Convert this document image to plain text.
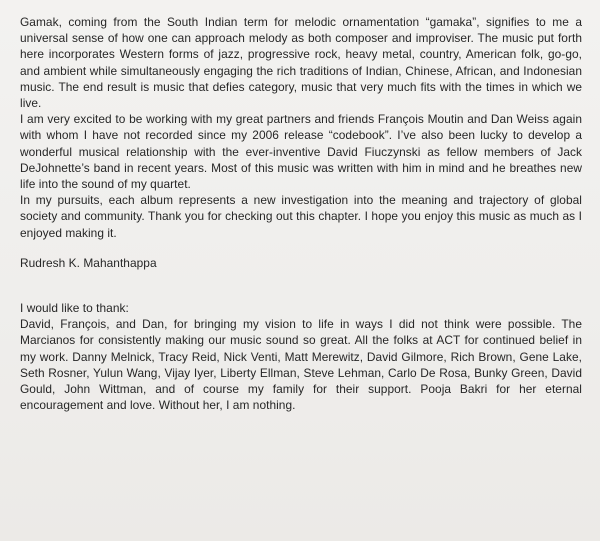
Gamak, coming from the South Indian term for melodic ornamentation “gamaka”, signifies to me a universal sense of how one can approach melody as both composer and improviser. The music put forth here incorporates Western forms of jazz, progressive rock, heavy metal, country, American folk, go-go, and ambient while simultaneously engaging the rich traditions of Indian, Chinese, African, and Indonesian music. The end result is music that defies category, music that very much fits with the times in which we live.

I am very excited to be working with my great partners and friends François Moutin and Dan Weiss again with whom I have not recorded since my 2006 release “codebook”. I’ve also been lucky to develop a wonderful musical relationship with the ever-inventive David Fiuczynski as fellow members of Jack DeJohnette’s band in recent years. Most of this music was written with him in mind and he breathes new life into the sound of my quartet.

In my pursuits, each album represents a new investigation into the meaning and trajectory of global society and community. Thank you for checking out this chapter. I hope you enjoy this music as much as I enjoyed making it.

Rudresh K. Mahanthappa

I would like to thank:

David, François, and Dan, for bringing my vision to life in ways I did not think were possible. The Marcianos for consistently making our music sound so great. All the folks at ACT for continued belief in my work. Danny Melnick, Tracy Reid, Nick Venti, Matt Merewitz, David Gilmore, Rich Brown, Gene Lake, Seth Rosner, Yulun Wang, Vijay Iyer, Liberty Ellman, Steve Lehman, Carlo De Rosa, Bunky Green, David Gould, John Wittman, and of course my family for their support. Pooja Bakri for her eternal encouragement and love. Without her, I am nothing.
